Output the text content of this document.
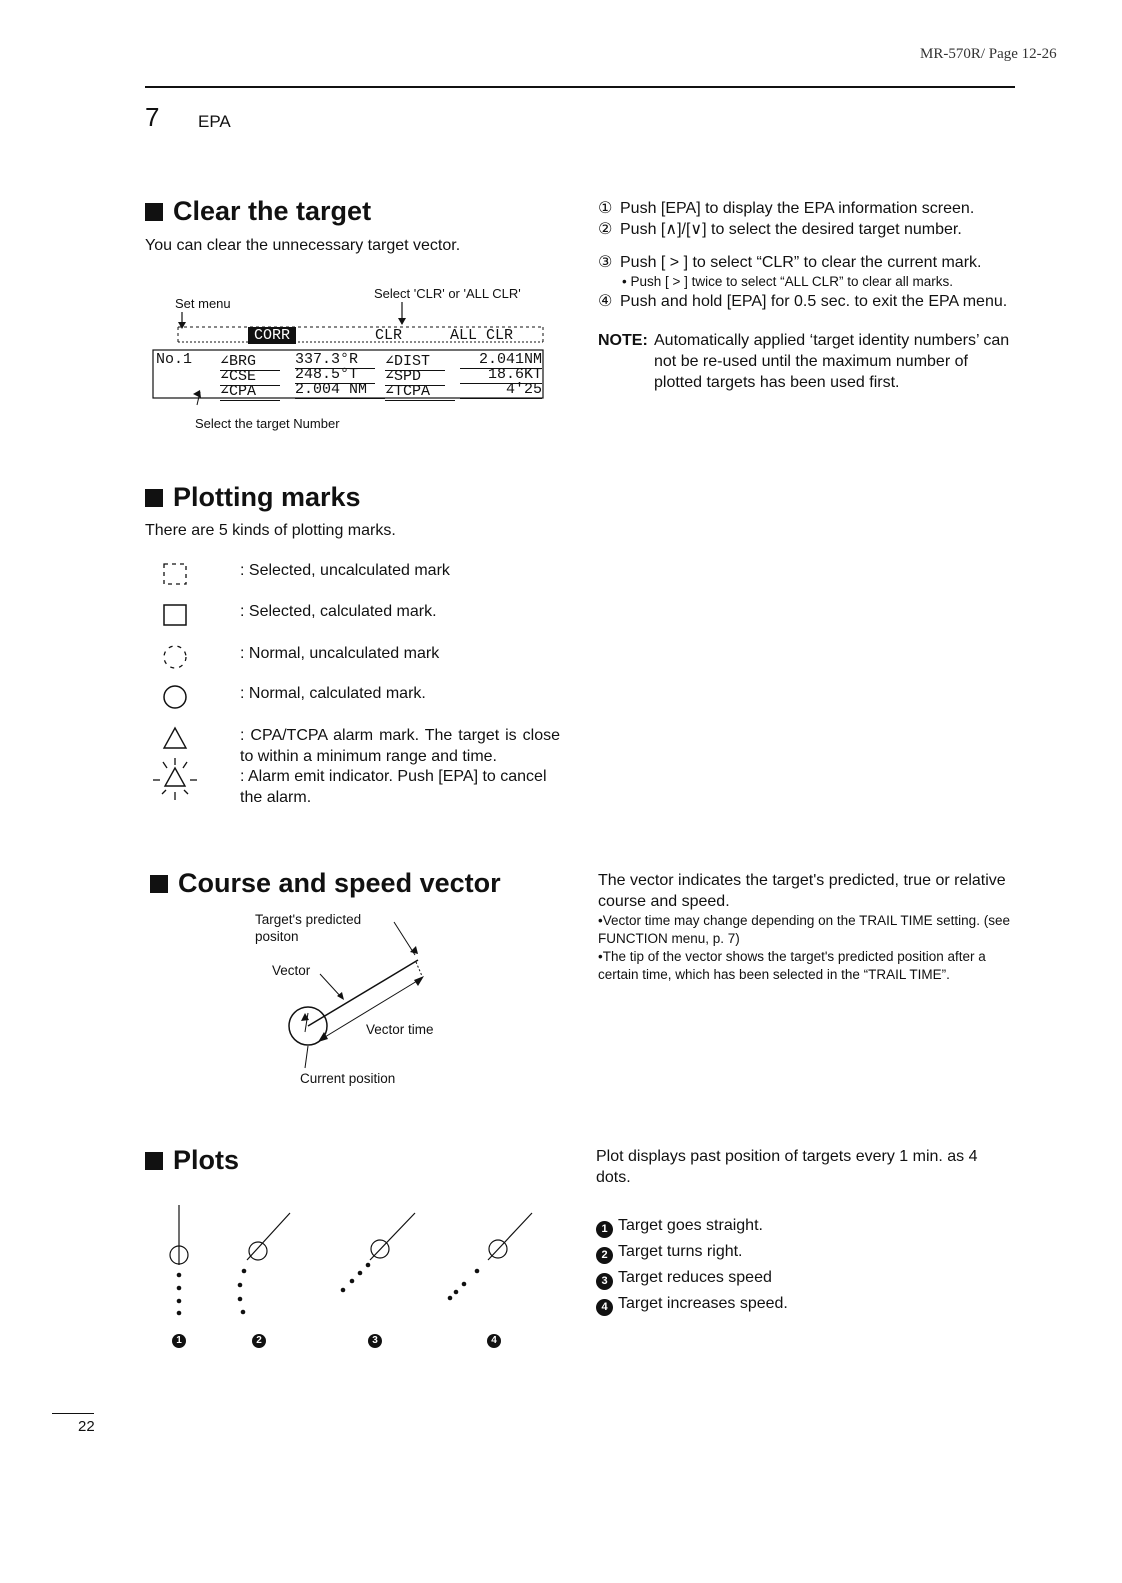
MR-570R/ Page 12-26
7 EPA
Clear the target
You can clear the unnecessary target vector.
Set menu
Select 'CLR' or 'ALL CLR'
CORR	CLR	ALL CLR
No.1 ∠BRG	337.3°R	∠DIST	2.041NM
∠CSE	248.5°T	∠SPD	18.6KT
∠CPA	2.004 NM	∠TCPA	4'25
Select the target Number
① Push [EPA] to display the EPA information screen.
② Push [∧]/[∨] to select the desired target number.
③ Push [ > ] to select “CLR” to clear the current mark.
• Push [ > ] twice to select “ALL CLR” to clear all marks.
④ Push and hold [EPA] for 0.5 sec. to exit the EPA menu.
NOTE: Automatically applied ‘target identity numbers’ can not be re-used until the maximum number of plotted targets has been used first.
Plotting marks
There are 5 kinds of plotting marks.
: Selected, uncalculated mark
: Selected, calculated mark.
: Normal, uncalculated mark
: Normal, calculated mark.
: CPA/TCPA alarm mark. The target is close to within a minimum range and time.
: Alarm emit indicator. Push [EPA] to cancel the alarm.
Course and speed vector
Target's predicted
positon
Vector
Vector time
Current position
The vector indicates the target's predicted, true or relative course and speed.
•Vector time may change depending on the TRAIL TIME setting. (see FUNCTION menu, p. 7)
•The tip of the vector shows the target's predicted position after a certain time, which has been selected in the “TRAIL TIME”.
Plots
1	2	3	4
Plot displays past position of targets every 1 min. as 4 dots.
1 Target goes straight.
2 Target turns right.
3 Target reduces speed
4 Target increases speed.
22
